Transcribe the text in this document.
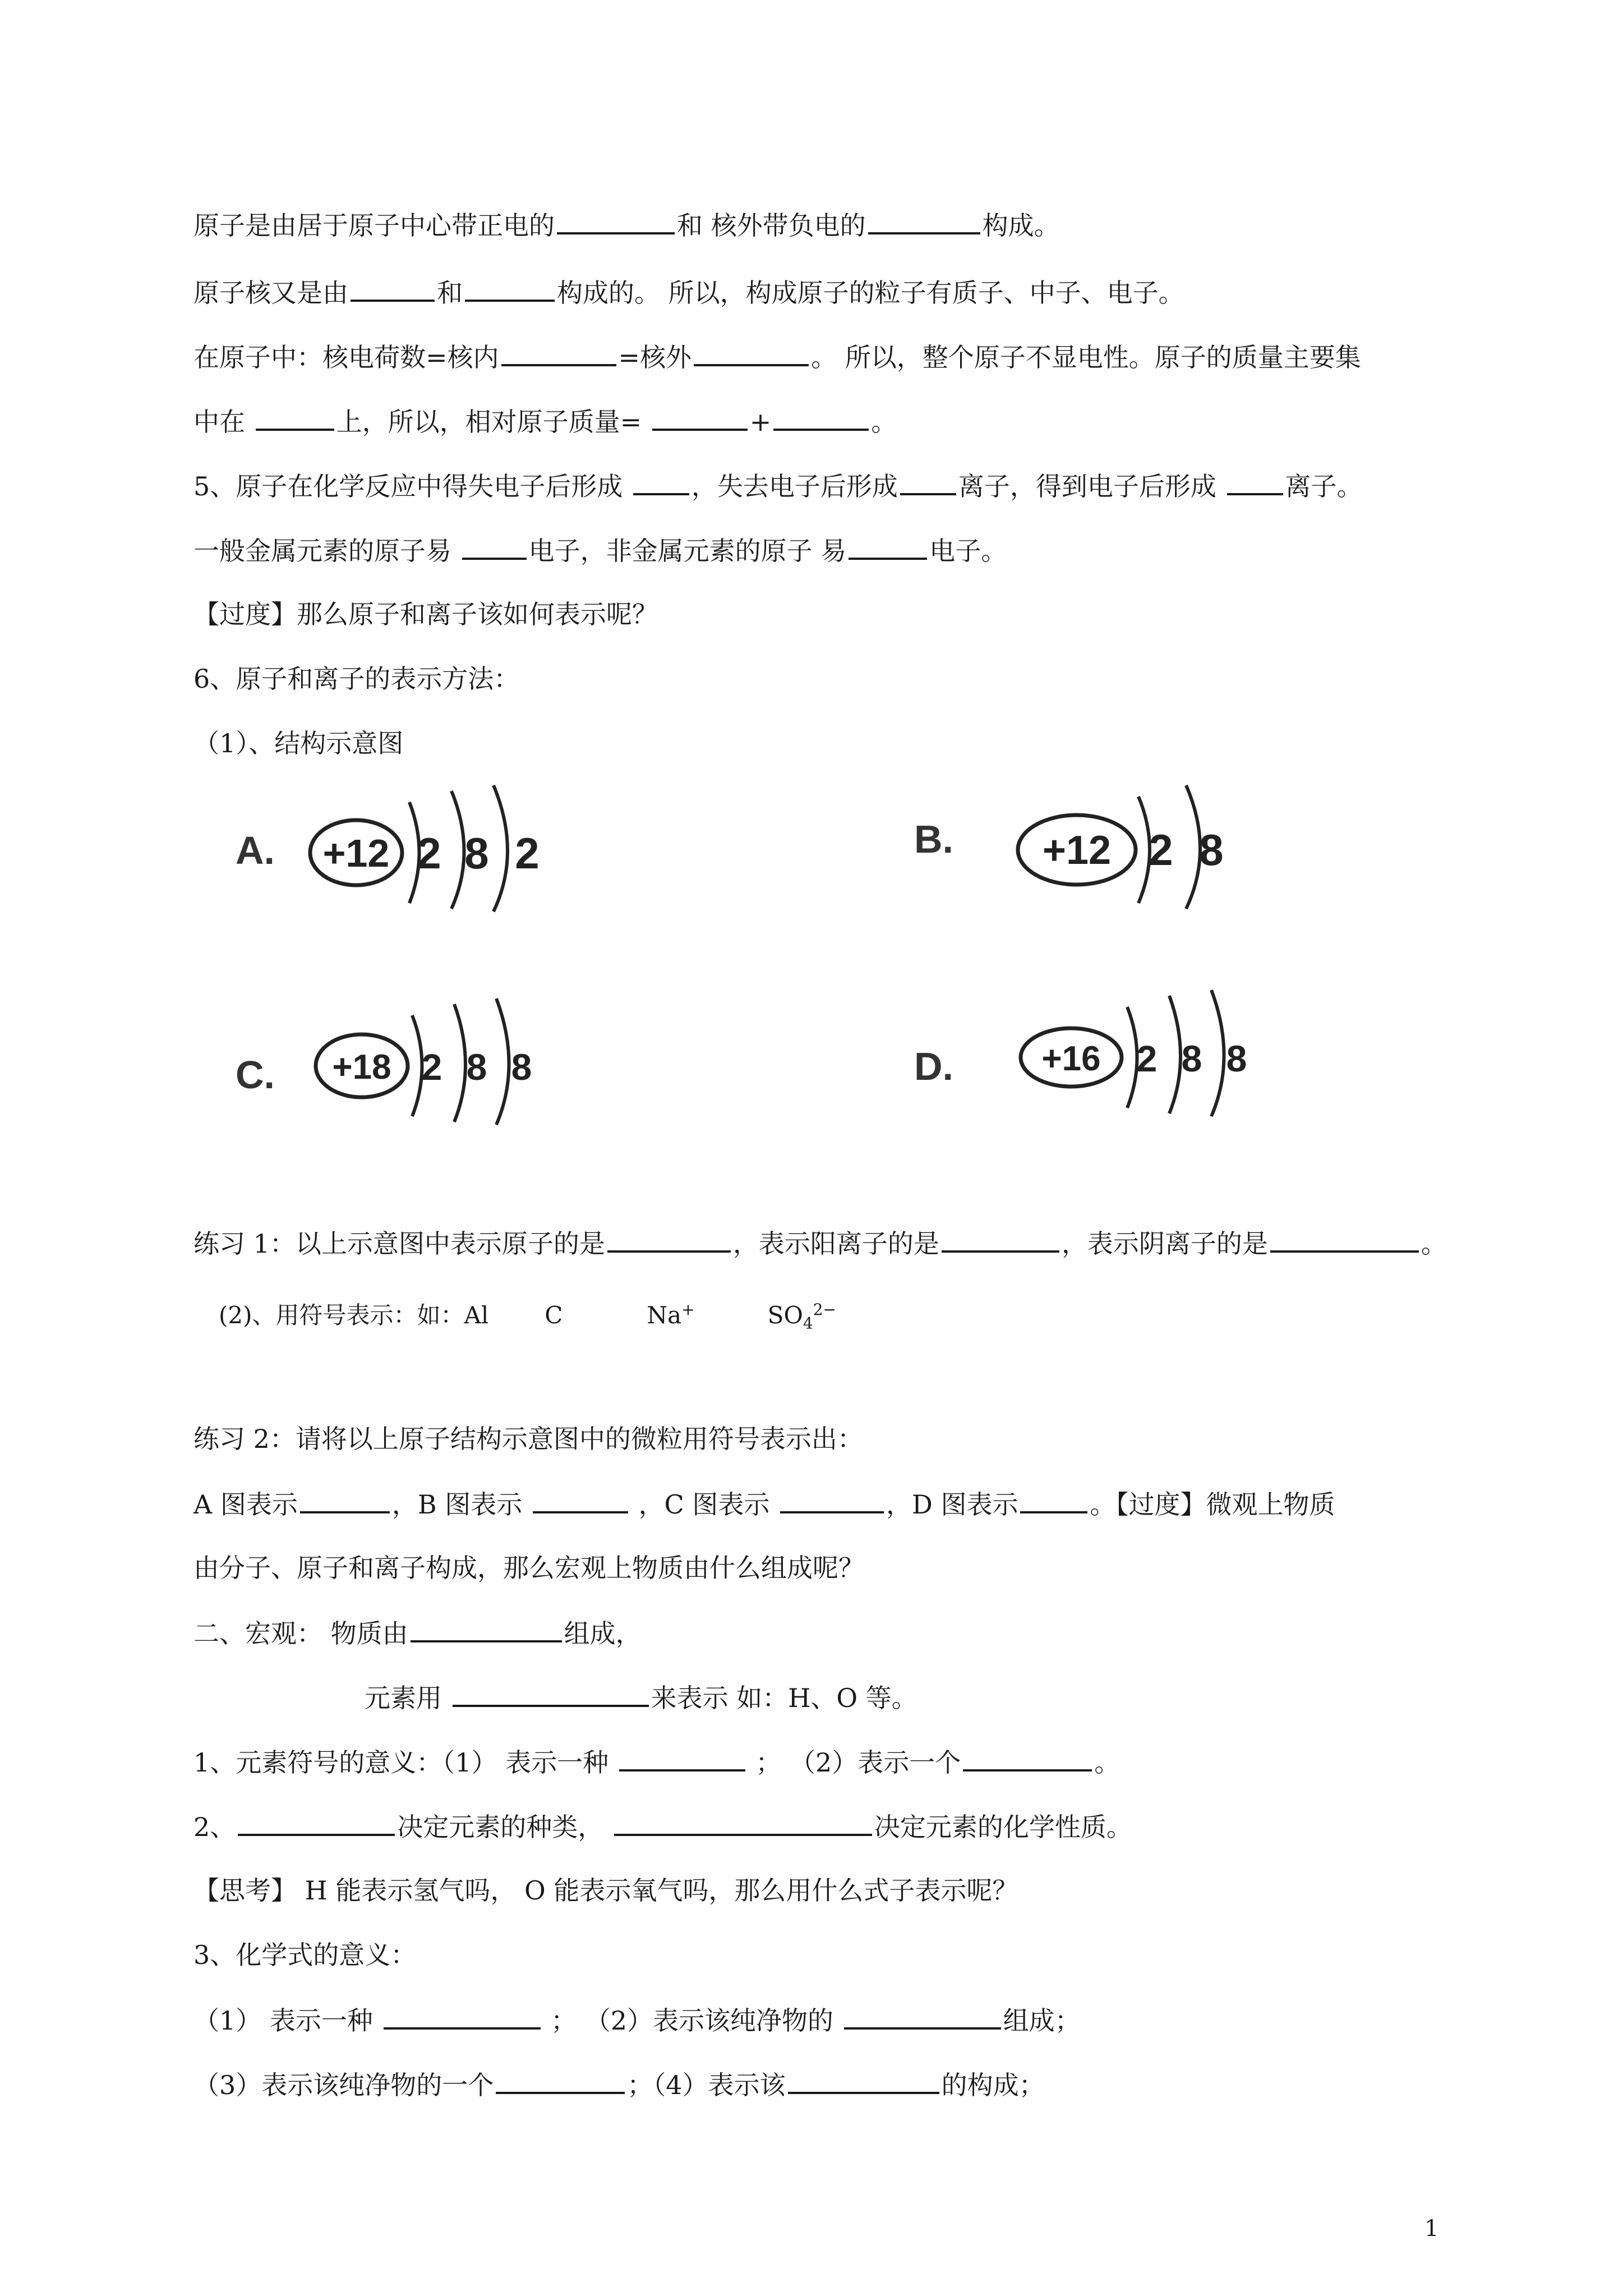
原子是由居于原子中心带正电的	和 核外带负电的	构成。
原子核又是由	和	构成的。 所以，构成原子的粒子有质子、中子、电子。
在原子中：核电荷数=核内	=核外	。 所以，整个原子不显电性。原子的质量主要集
中在	上，所以，相对原子质量=	+	。
5、原子在化学反应中得失电子后形成 ，失去电子后形成 离子，得到电子后形成 离子。
一般金属元素的原子易	电子，非金属元素的原子 易	电子。
【过度】那么原子和离子该如何表示呢？
6、原子和离子的表示方法：
（1）、结构示意图
A. +12 2 8 2	B. +12 2 8
C. +18 2 8 8	D.	+16 2 8 8
练习 1：以上示意图中表示原子的是	，表示阳离子的是	，表示阴离子的是	。
(2)、用符号表示：如：Al C	Na+	$SO_4^{2-}$
练习 2：请将以上原子结构示意图中的微粒用符号表示出：
A 图表示	，B 图表示	，C 图表示	，D 图表示	。【过度】微观上物质
由分子、原子和离子构成，那么宏观上物质由什么组成呢？
二、宏观： 物质由	组成，
元素用	来表示 如：H、O 等。
1、元素符号的意义：（1） 表示一种	； （2）表示一个	。
2、	决定元素的种类，	决定元素的化学性质。
【思考】 H 能表示氢气吗， O 能表示氧气吗，那么用什么式子表示呢？
3、化学式的意义：
（1） 表示一种	； （2）表示该纯净物的	组成；
（3）表示该纯净物的一个	；（4）表示该	的构成；
1
